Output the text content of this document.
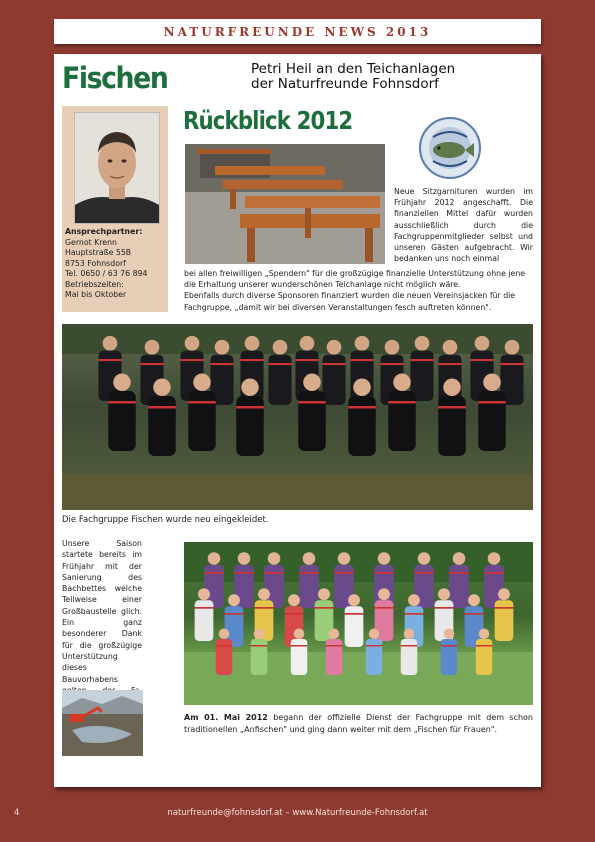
NATURFREUNDE NEWS 2013
Fischen	Petri Heil an den Teichanlagen
der Naturfreunde Fohnsdorf
Ansprechpartner:
Gernot Krenn
Hauptstraße 55B
8753 Fohnsdorf
Tel. 0650 / 63 76 894
Betriebszeiten:
Mai bis Oktober
Rückblick 2012
Neue Sitzgarnituren wurden im Frühjahr 2012 angeschafft. Die finanziellen Mittel dafür wurden ausschließlich durch die Fachgruppenmitglieder selbst und unseren Gästen aufgebracht. Wir bedanken uns noch einmal
bei allen freiwilligen „Spendern" für die großzügige finanzielle Unterstützung ohne jene die Erhaltung unserer wunderschönen Teichanlage nicht möglich wäre.
Ebenfalls durch diverse Sponsoren finanziert wurden die neuen Vereinsjacken für die Fachgruppe, „damit wir bei diversen Veranstaltungen fesch auftreten können".
Die Fachgruppe Fischen wurde neu eingekleidet.
Unsere Saison startete bereits im Frühjahr mit der Sanierung des Bachbettes welche Teilweise einer Großbaustelle glich. Ein ganz besonderer Dank für die großzügige Unterstützung dieses Bauvorhabens
Am 01. Mai 2012 begann der offizielle Dienst der Fachgruppe mit dem schon traditionellen „Anfischen" und ging dann weiter mit dem „Fischen für Frauen".
4	naturfreunde@fohnsdorf.at – www.Naturfreunde-Fohnsdorf.at
